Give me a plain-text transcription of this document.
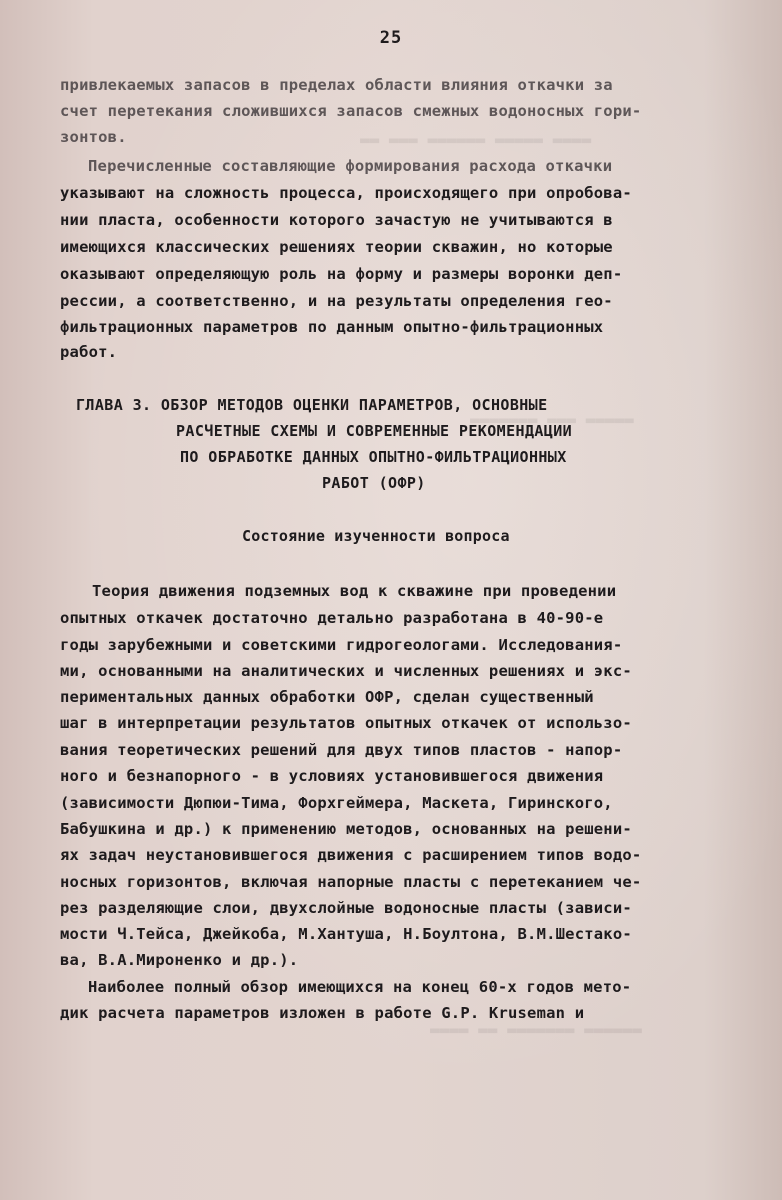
▬▬▬▬ ▬▬▬▬▬ ▬▬▬▬▬▬ ▬▬▬ ▬▬
▬▬▬▬▬ ▬▬▬ ▬▬▬▬▬▬▬
▬▬▬▬▬▬ ▬▬▬▬▬▬▬ ▬▬ ▬▬▬▬
25
привлекаемых запасов в пределах области влияния откачки за
счет перетекания сложившихся запасов смежных водоносных гори-
зонтов.
Перечисленные составляющие формирования расхода откачки
указывают на сложность процесса, происходящего при опробова-
нии пласта, особенности которого зачастую не учитываются в
имеющихся классических решениях теории скважин, но которые
оказывают определяющую роль на форму и размеры воронки деп-
рессии, а соответственно, и на результаты определения гео-
фильтрационных параметров по данным опытно-фильтрационных
работ.
ГЛАВА 3. ОБЗОР МЕТОДОВ ОЦЕНКИ ПАРАМЕТРОВ, ОСНОВНЫЕ
РАСЧЕТНЫЕ СХЕМЫ И СОВРЕМЕННЫЕ РЕКОМЕНДАЦИИ
ПО ОБРАБОТКЕ ДАННЫХ ОПЫТНО-ФИЛЬТРАЦИОННЫХ
РАБОТ (ОФР)
Состояние изученности вопроса
Теория движения подземных вод к скважине при проведении
опытных откачек достаточно детально разработана в 40-90-е
годы зарубежными и советскими гидрогеологами. Исследования-
ми, основанными на аналитических и численных решениях и экс-
периментальных данных обработки ОФР, сделан существенный
шаг в интерпретации результатов опытных откачек от использо-
вания теоретических решений для двух типов пластов - напор-
ного и безнапорного - в условиях установившегося движения
(зависимости Дюпюи-Тима, Форхгеймера, Маскета, Гиринского,
Бабушкина и др.) к применению методов, основанных на решени-
ях задач неустановившегося движения с расширением типов водо-
носных горизонтов, включая напорные пласты с перетеканием че-
рез разделяющие слои, двухслойные водоносные пласты (зависи-
мости Ч.Тейса, Джейкоба, М.Хантуша, Н.Боултона, В.М.Шестако-
ва, В.А.Мироненко и др.).
Наиболее полный обзор имеющихся на конец 60-х годов мето-
дик расчета параметров изложен в работе G.P. Kruseman и
